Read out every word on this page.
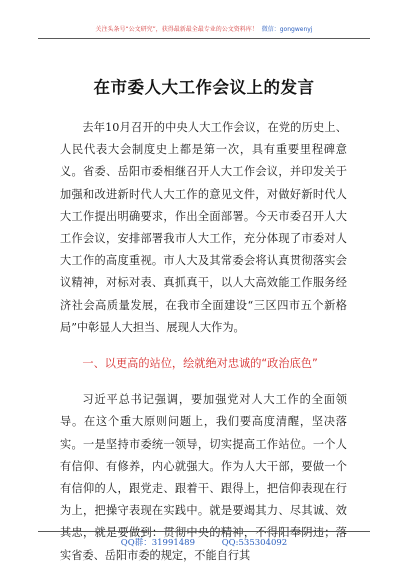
关注头条号“公文研究”，获得最新最全最专业的公文资料库！ 微信：gongwenyj
在市委人大工作会议上的发言

去年10月召开的中央人大工作会议，在党的历史上、人民代表大会制度史上都是第一次，具有重要里程碑意义。省委、岳阳市委相继召开人大工作会议，并印发关于加强和改进新时代人大工作的意见文件，对做好新时代人大工作提出明确要求，作出全面部署。今天市委召开人大工作会议，安排部署我市人大工作，充分体现了市委对人大工作的高度重视。市人大及其常委会将认真贯彻落实会议精神，对标对表、真抓真干，以人大高效能工作服务经济社会高质量发展，在我市全面建设“三区四市五个新格局”中彰显人大担当、展现人大作为。

一、以更高的站位，绘就绝对忠诚的“政治底色”

习近平总书记强调，要加强党对人大工作的全面领导。在这个重大原则问题上，我们要高度清醒，坚决落实。一是坚持市委统一领导，切实提高工作站位。一个人有信仰、有修养，内心就强大。作为人大干部，要做一个有信仰的人，跟党走、跟着干、跟得上，把信仰表现在行为上，把操守表现在实践中。就是要竭其力、尽其诚、效其忠，就是要做到：贯彻中央的精神，不得阳奉阴违；落实省委、岳阳市委的规定，不能自行其

QQ群：31991489	QQ:535304092
